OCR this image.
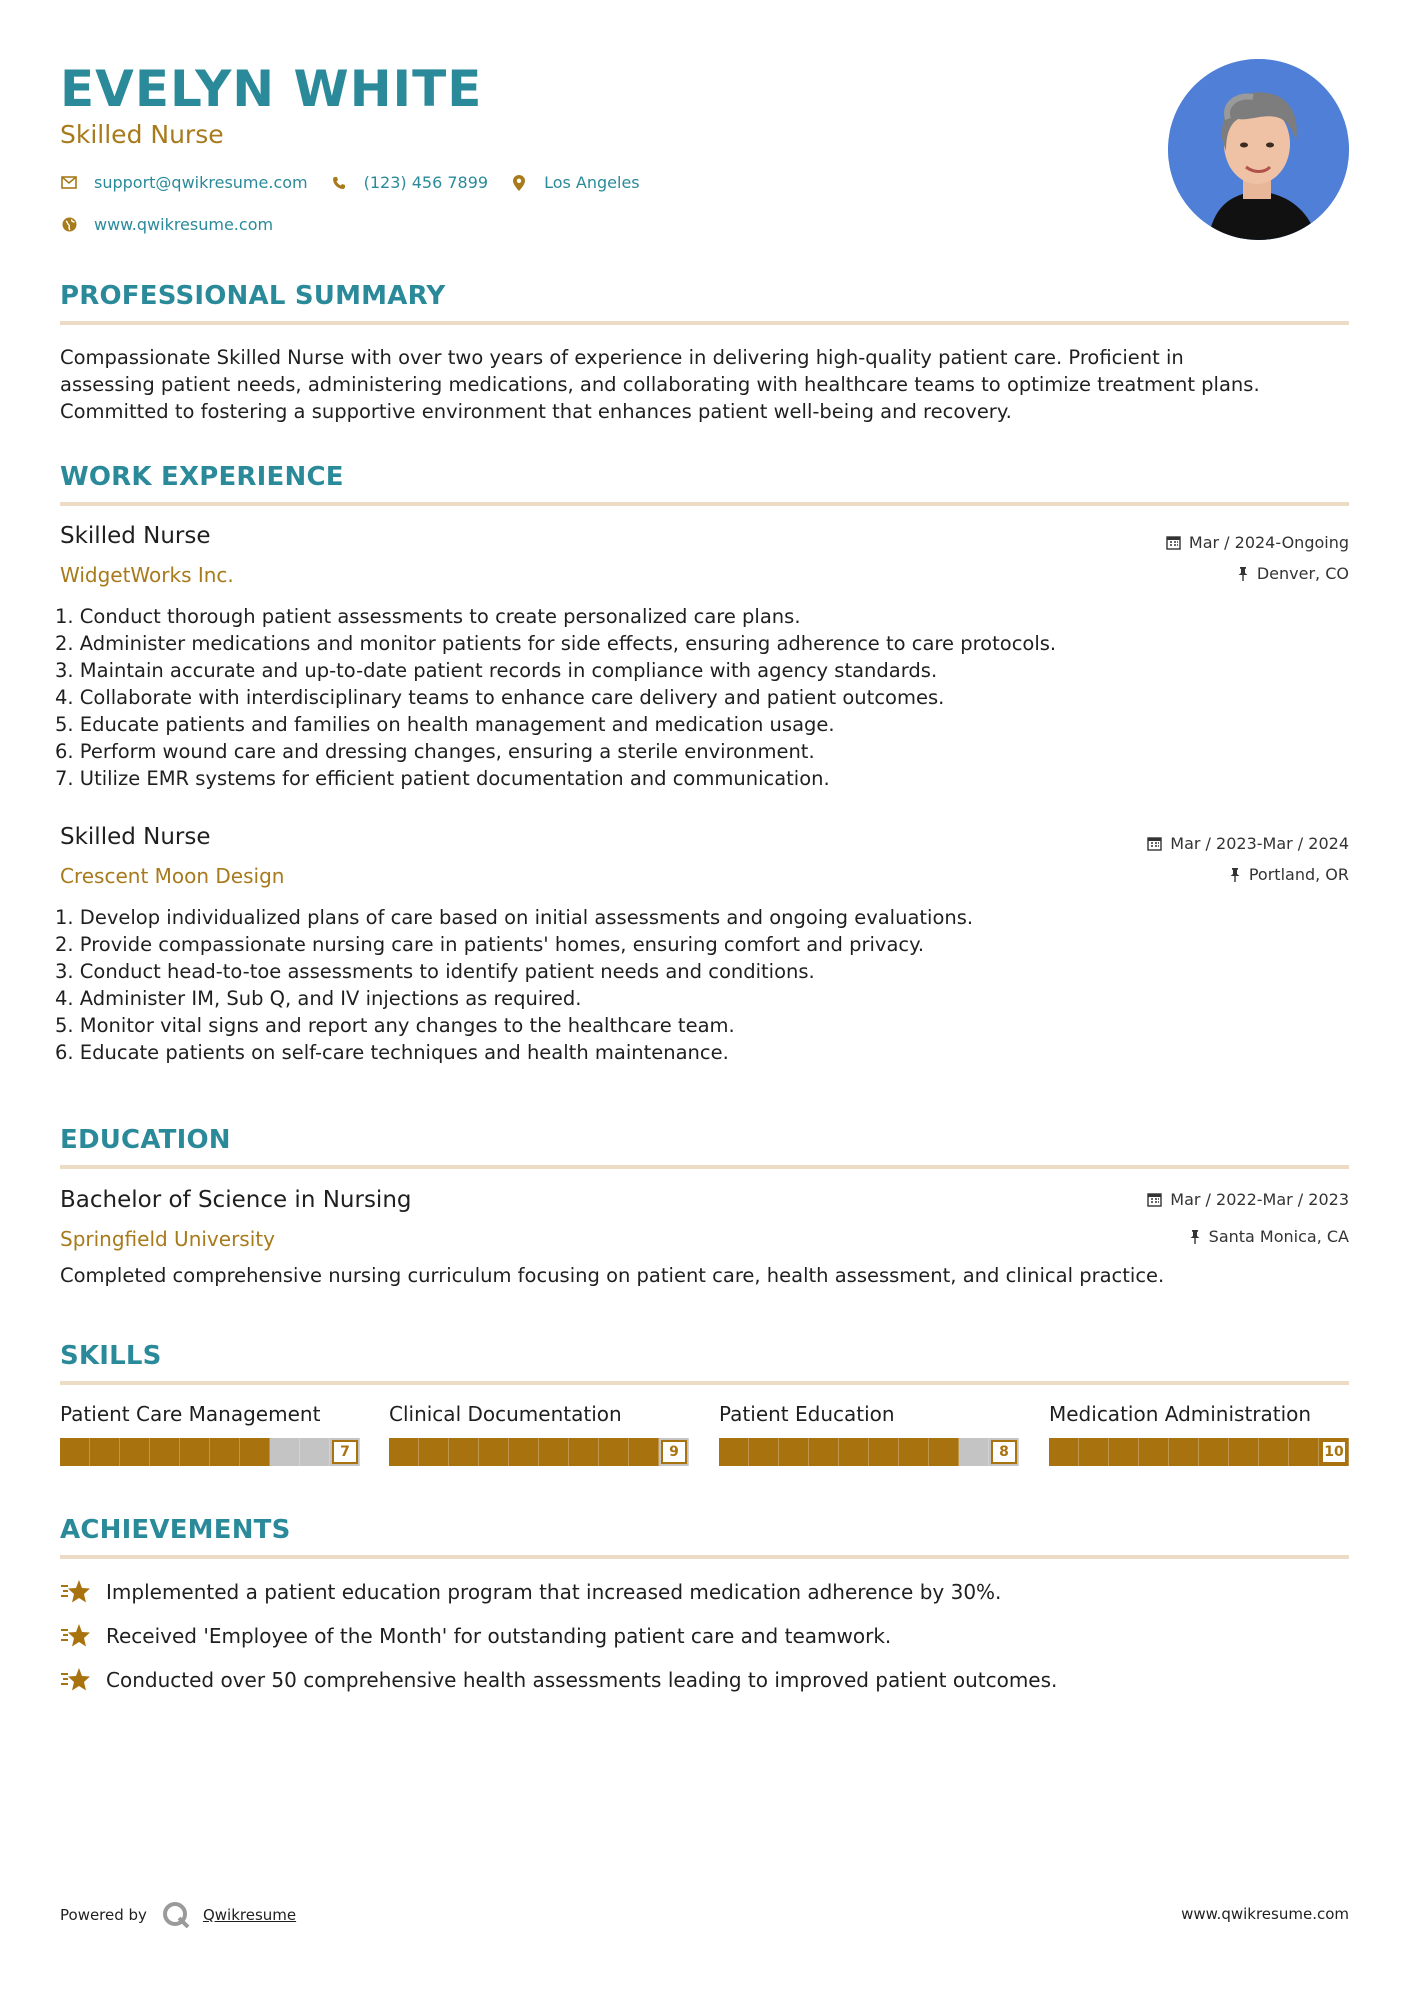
EVELYN WHITE
Skilled Nurse
support@qwikresume.com	(123) 456 7899	Los Angeles
www.qwikresume.com
PROFESSIONAL SUMMARY
Compassionate Skilled Nurse with over two years of experience in delivering high-quality patient care. Proficient in
assessing patient needs, administering medications, and collaborating with healthcare teams to optimize treatment plans.
Committed to fostering a supportive environment that enhances patient well-being and recovery.
WORK EXPERIENCE
Skilled Nurse
WidgetWorks Inc.
Mar / 2024-Ongoing
Denver, CO
1. Conduct thorough patient assessments to create personalized care plans.
2. Administer medications and monitor patients for side effects, ensuring adherence to care protocols.
3. Maintain accurate and up-to-date patient records in compliance with agency standards.
4. Collaborate with interdisciplinary teams to enhance care delivery and patient outcomes.
5. Educate patients and families on health management and medication usage.
6. Perform wound care and dressing changes, ensuring a sterile environment.
7. Utilize EMR systems for efficient patient documentation and communication.
Skilled Nurse
Crescent Moon Design
Mar / 2023-Mar / 2024
Portland, OR
1. Develop individualized plans of care based on initial assessments and ongoing evaluations.
2. Provide compassionate nursing care in patients' homes, ensuring comfort and privacy.
3. Conduct head-to-toe assessments to identify patient needs and conditions.
4. Administer IM, Sub Q, and IV injections as required.
5. Monitor vital signs and report any changes to the healthcare team.
6. Educate patients on self-care techniques and health maintenance.
EDUCATION
Bachelor of Science in Nursing
Springfield University
Mar / 2022-Mar / 2023
Santa Monica, CA
Completed comprehensive nursing curriculum focusing on patient care, health assessment, and clinical practice.
SKILLS
Patient Care Management
7
Clinical Documentation
9
Patient Education
8
Medication Administration
10
ACHIEVEMENTS
Implemented a patient education program that increased medication adherence by 30%.
Received 'Employee of the Month' for outstanding patient care and teamwork.
Conducted over 50 comprehensive health assessments leading to improved patient outcomes.
Powered by	Qwikresume	www.qwikresume.com
